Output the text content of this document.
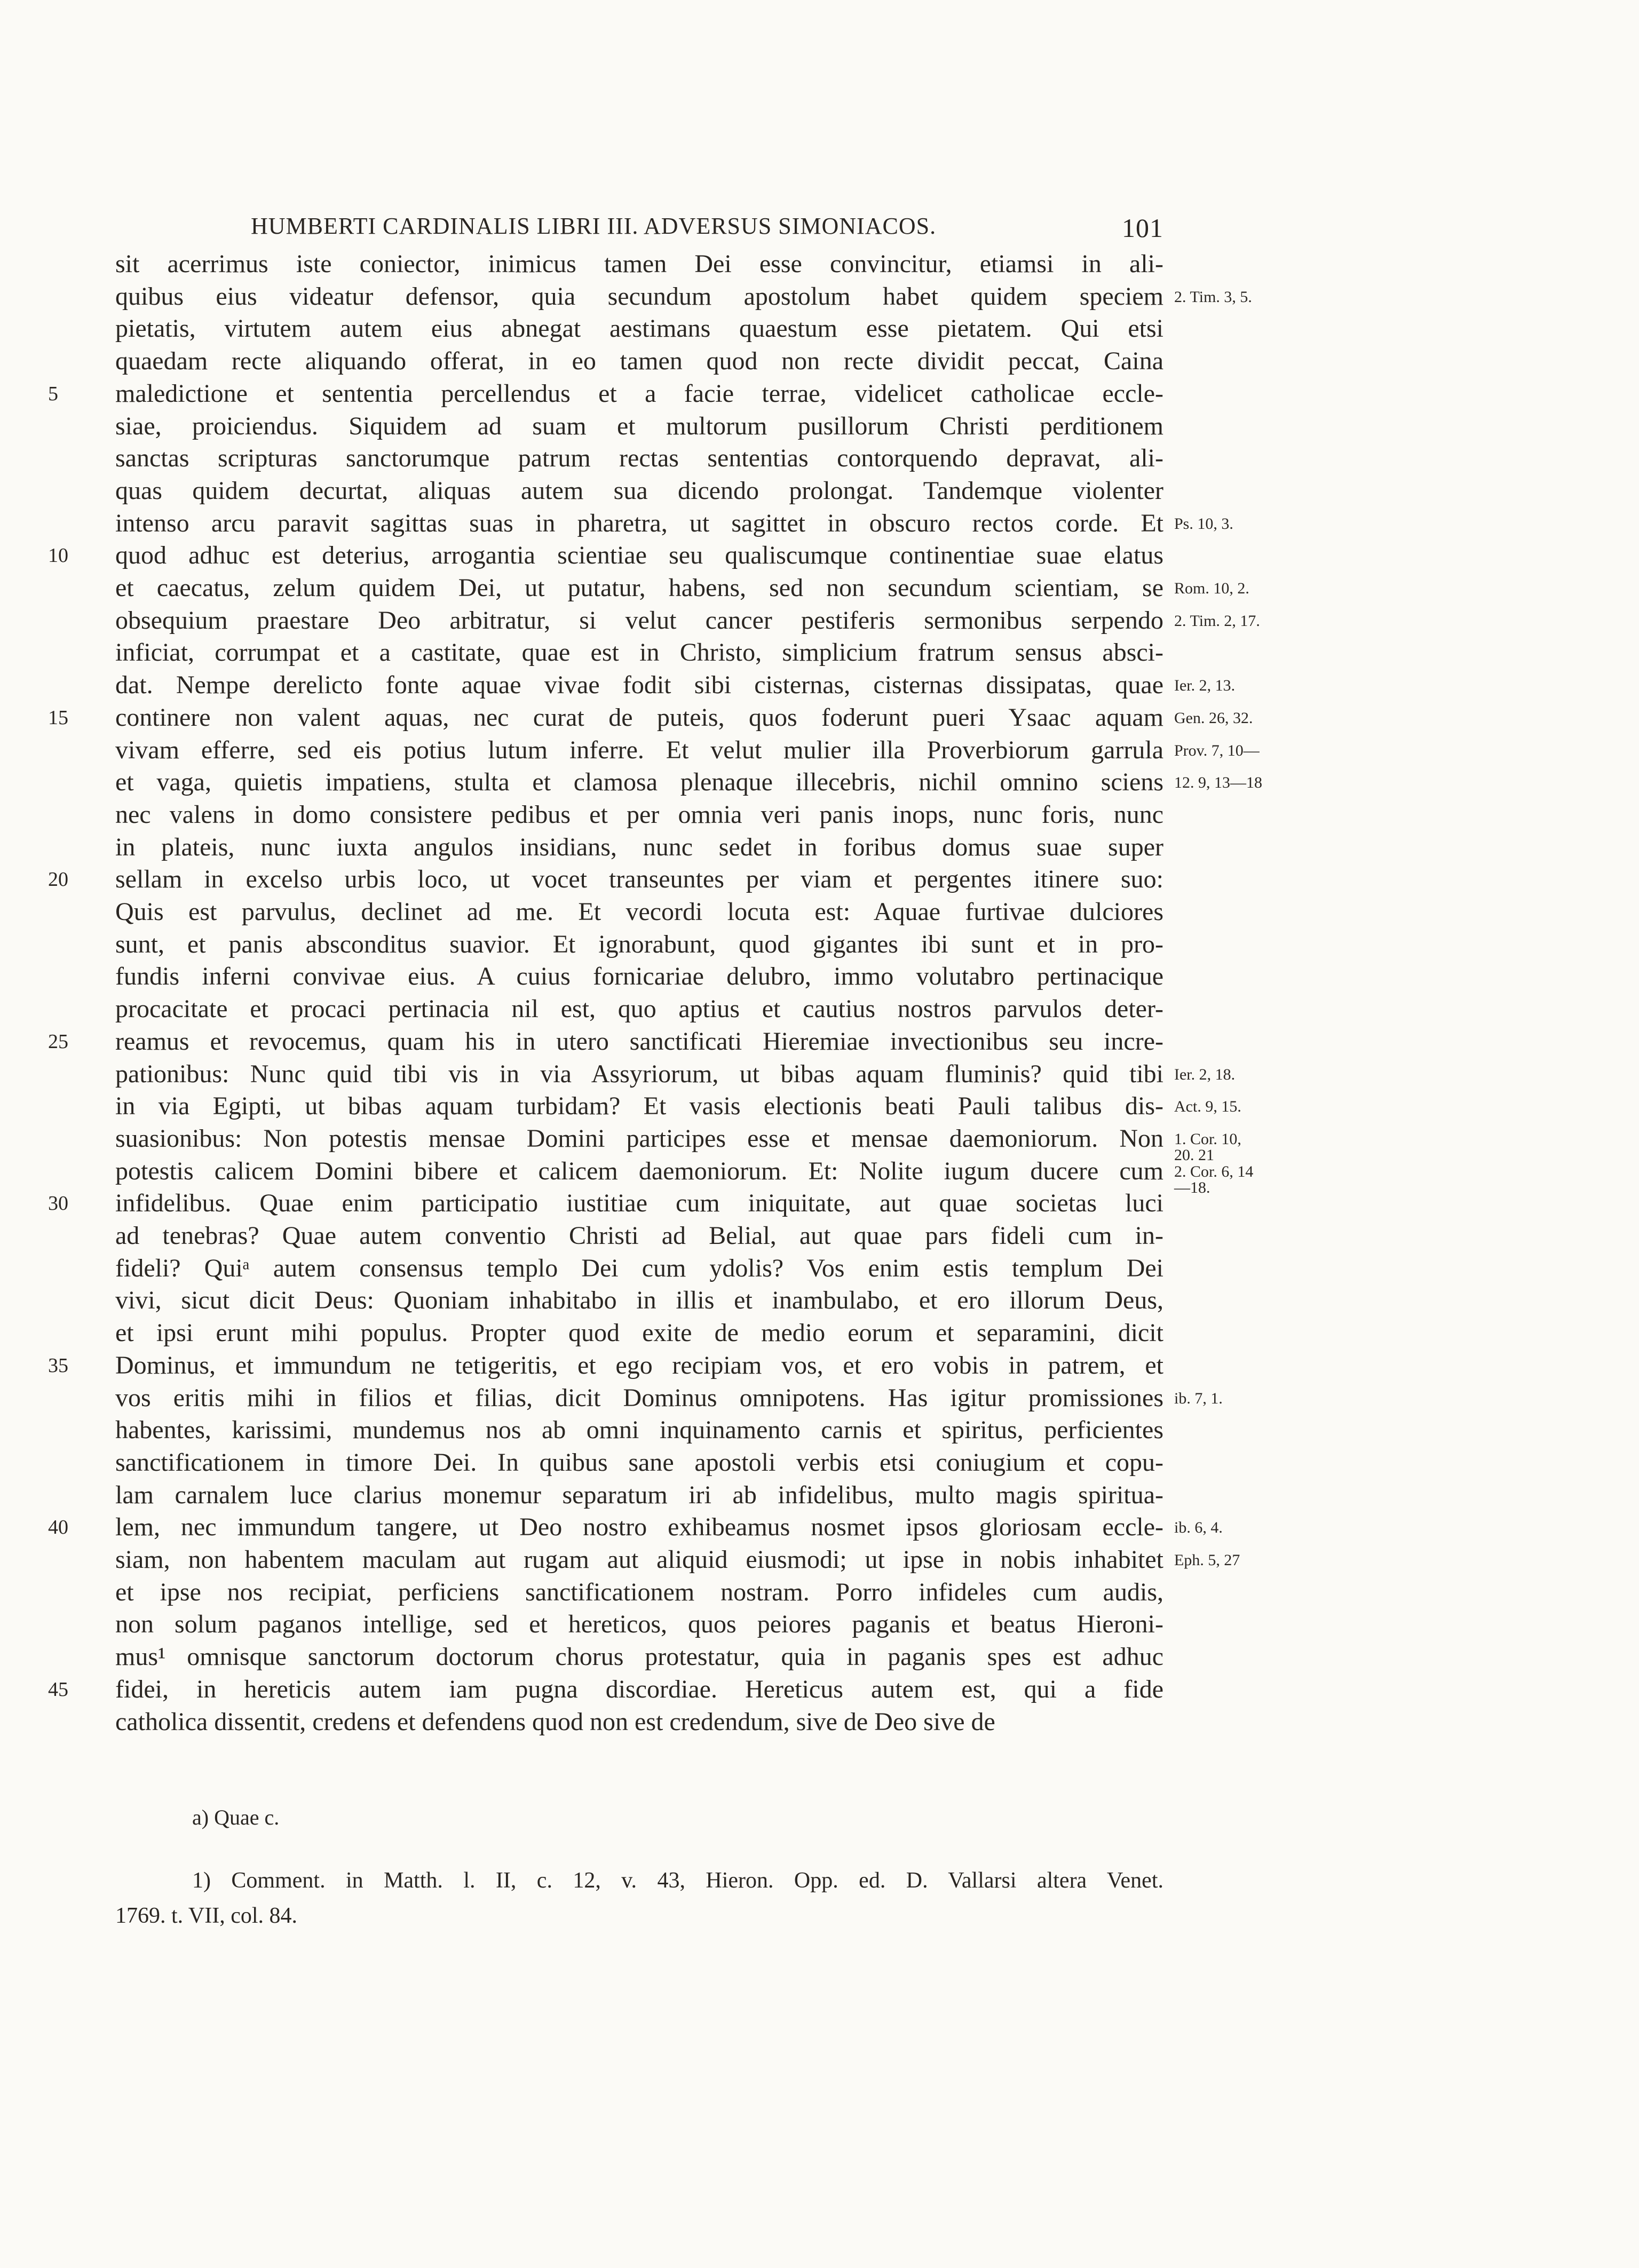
HUMBERTI CARDINALIS LIBRI III. ADVERSUS SIMONIACOS.	101
sit acerrimus iste coniector, inimicus tamen Dei esse convincitur, etiamsi in ali-
quibus eius videatur defensor, quia secundum apostolum habet quidem speciem
pietatis, virtutem autem eius abnegat aestimans quaestum esse pietatem. Qui etsi
quaedam recte aliquando offerat, in eo tamen quod non recte dividit peccat, Caina
maledictione et sententia percellendus et a facie terrae, videlicet catholicae eccle-
5
siae, proiciendus. Siquidem ad suam et multorum pusillorum Christi perditionem
sanctas scripturas sanctorumque patrum rectas sententias contorquendo depravat, ali-
quas quidem decurtat, aliquas autem sua dicendo prolongat. Tandemque violenter
intenso arcu paravit sagittas suas in pharetra, ut sagittet in obscuro rectos corde. Et
quod adhuc est deterius, arrogantia scientiae seu qualiscumque continentiae suae elatus
10
et caecatus, zelum quidem Dei, ut putatur, habens, sed non secundum scientiam, se
obsequium praestare Deo arbitratur, si velut cancer pestiferis sermonibus serpendo
inficiat, corrumpat et a castitate, quae est in Christo, simplicium fratrum sensus absci-
dat. Nempe derelicto fonte aquae vivae fodit sibi cisternas, cisternas dissipatas, quae
continere non valent aquas, nec curat de puteis, quos foderunt pueri Ysaac aquam
15
vivam efferre, sed eis potius lutum inferre. Et velut mulier illa Proverbiorum garrula
et vaga, quietis impatiens, stulta et clamosa plenaque illecebris, nichil omnino sciens
nec valens in domo consistere pedibus et per omnia veri panis inops, nunc foris, nunc
in plateis, nunc iuxta angulos insidians, nunc sedet in foribus domus suae super
sellam in excelso urbis loco, ut vocet transeuntes per viam et pergentes itinere suo:
20
Quis est parvulus, declinet ad me. Et vecordi locuta est: Aquae furtivae dulciores
sunt, et panis absconditus suavior. Et ignorabunt, quod gigantes ibi sunt et in pro-
fundis inferni convivae eius. A cuius fornicariae delubro, immo volutabro pertinacique
procacitate et procaci pertinacia nil est, quo aptius et cautius nostros parvulos deter-
reamus et revocemus, quam his in utero sanctificati Hieremiae invectionibus seu incre-
25
pationibus: Nunc quid tibi vis in via Assyriorum, ut bibas aquam fluminis? quid tibi
in via Egipti, ut bibas aquam turbidam? Et vasis electionis beati Pauli talibus dis-
suasionibus: Non potestis mensae Domini participes esse et mensae daemoniorum. Non
potestis calicem Domini bibere et calicem daemoniorum. Et: Nolite iugum ducere cum
infidelibus. Quae enim participatio iustitiae cum iniquitate, aut quae societas luci
30
ad tenebras? Quae autem conventio Christi ad Belial, aut quae pars fideli cum in-
fideli? Quiᵃ autem consensus templo Dei cum ydolis? Vos enim estis templum Dei
vivi, sicut dicit Deus: Quoniam inhabitabo in illis et inambulabo, et ero illorum Deus,
et ipsi erunt mihi populus. Propter quod exite de medio eorum et separamini, dicit
Dominus, et immundum ne tetigeritis, et ego recipiam vos, et ero vobis in patrem, et
35
vos eritis mihi in filios et filias, dicit Dominus omnipotens. Has igitur promissiones
habentes, karissimi, mundemus nos ab omni inquinamento carnis et spiritus, perficientes
sanctificationem in timore Dei. In quibus sane apostoli verbis etsi coniugium et copu-
lam carnalem luce clarius monemur separatum iri ab infidelibus, multo magis spiritua-
lem, nec immundum tangere, ut Deo nostro exhibeamus nosmet ipsos gloriosam eccle-
40
siam, non habentem maculam aut rugam aut aliquid eiusmodi; ut ipse in nobis inhabitet
et ipse nos recipiat, perficiens sanctificationem nostram. Porro infideles cum audis,
non solum paganos intellige, sed et hereticos, quos peiores paganis et beatus Hieroni-
mus¹ omnisque sanctorum doctorum chorus protestatur, quia in paganis spes est adhuc
fidei, in hereticis autem iam pugna discordiae. Hereticus autem est, qui a fide
45
catholica dissentit, credens et defendens quod non est credendum, sive de Deo sive de
2. Tim. 3, 5.
Ps. 10, 3.
Rom. 10, 2.
2. Tim. 2, 17.
Ier. 2, 13.
Gen. 26, 32.
Prov. 7, 10—
12. 9, 13—18
Ier. 2, 18.
Act. 9, 15.
1. Cor. 10,
20. 21
2. Cor. 6, 14
—18.
ib. 7, 1.
ib. 6, 4.
Eph. 5, 27
a) Quae c.
1) Comment. in Matth. l. II, c. 12, v. 43, Hieron. Opp. ed. D. Vallarsi altera Venet.
1769. t. VII, col. 84.
